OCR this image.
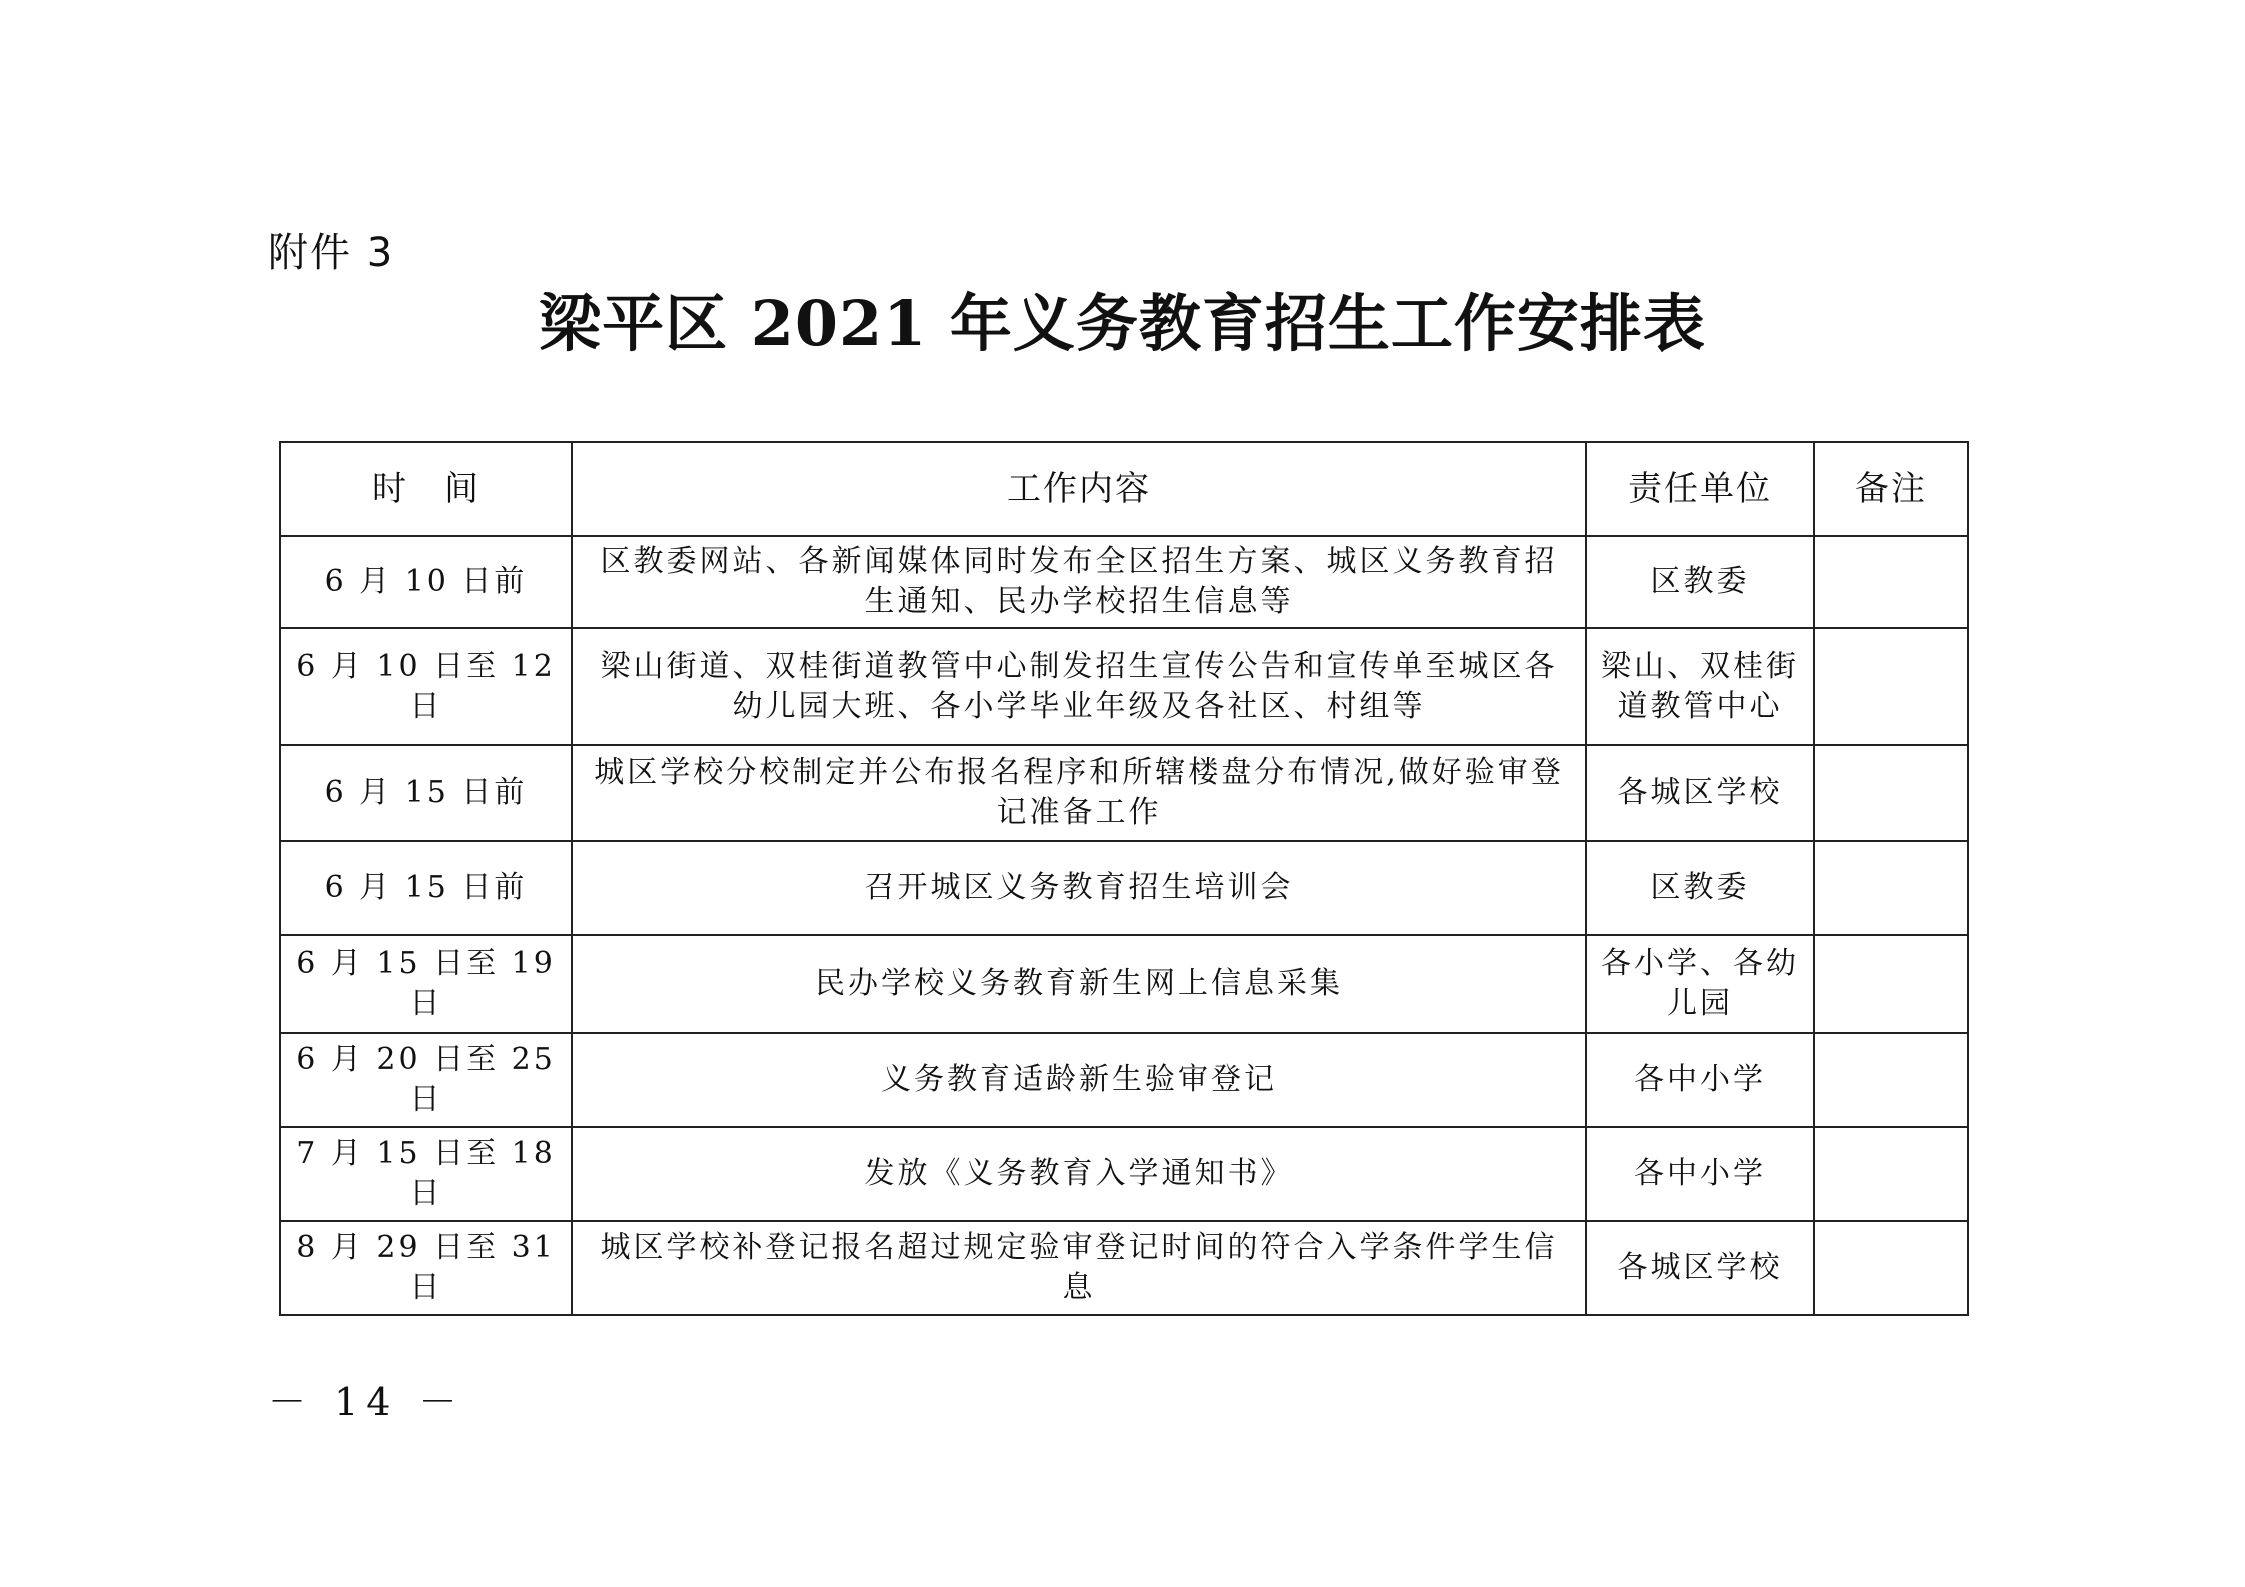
附件 3
梁平区 2021 年义务教育招生工作安排表
时　间	工作内容	责任单位	备注
6 月 10 日前	区教委网站、各新闻媒体同时发布全区招生方案、城区义务教育招生通知、民办学校招生信息等	区教委	
6 月 10 日至 12 日	梁山街道、双桂街道教管中心制发招生宣传公告和宣传单至城区各幼儿园大班、各小学毕业年级及各社区、村组等	梁山、双桂街道教管中心	
6 月 15 日前	城区学校分校制定并公布报名程序和所辖楼盘分布情况,做好验审登记准备工作	各城区学校	
6 月 15 日前	召开城区义务教育招生培训会	区教委	
6 月 15 日至 19 日	民办学校义务教育新生网上信息采集	各小学、各幼儿园	
6 月 20 日至 25 日	义务教育适龄新生验审登记	各中小学	
7 月 15 日至 18 日	发放《义务教育入学通知书》	各中小学	
8 月 29 日至 31 日	城区学校补登记报名超过规定验审登记时间的符合入学条件学生信息	各城区学校	
－ 14 －
